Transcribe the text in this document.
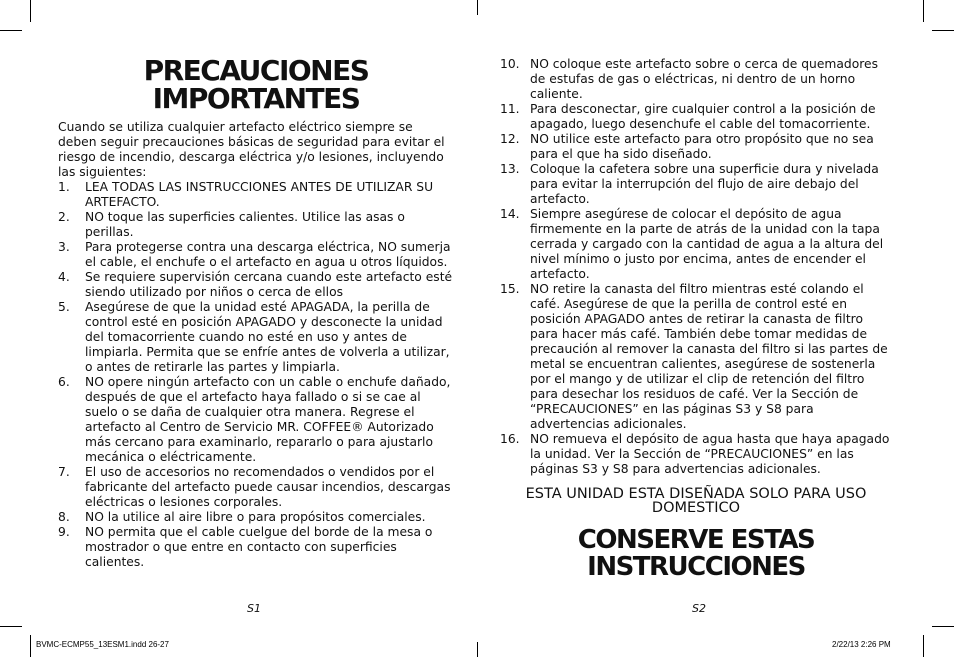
PRECAUCIONES IMPORTANTES

Cuando se utiliza cualquier artefacto eléctrico siempre se deben seguir precauciones básicas de seguridad para evitar el riesgo de incendio, descarga eléctrica y/o lesiones, incluyendo las siguientes:

1. LEA TODAS LAS INSTRUCCIONES ANTES DE UTILIZAR SU ARTEFACTO.
2. NO toque las superficies calientes. Utilice las asas o perillas.
3. Para protegerse contra una descarga eléctrica, NO sumerja el cable, el enchufe o el artefacto en agua u otros líquidos.
4. Se requiere supervisión cercana cuando este artefacto esté siendo utilizado por niños o cerca de ellos
5. Asegúrese de que la unidad esté APAGADA, la perilla de control esté en posición APAGADO y desconecte la unidad del tomacorriente cuando no esté en uso y antes de limpiarla. Permita que se enfríe antes de volverla a utilizar, o antes de retirarle las partes y limpiarla.
6. NO opere ningún artefacto con un cable o enchufe dañado, después de que el artefacto haya fallado o si se cae al suelo o se daña de cualquier otra manera. Regrese el artefacto al Centro de Servicio MR. COFFEE® Autorizado más cercano para examinarlo, repararlo o para ajustarlo mecánica o eléctricamente.
7. El uso de accesorios no recomendados o vendidos por el fabricante del artefacto puede causar incendios, descargas eléctricas o lesiones corporales.
8. NO la utilice al aire libre o para propósitos comerciales.
9. NO permita que el cable cuelgue del borde de la mesa o mostrador o que entre en contacto con superficies calientes.
S1
10. NO coloque este artefacto sobre o cerca de quemadores de estufas de gas o eléctricas, ni dentro de un horno caliente.
11. Para desconectar, gire cualquier control a la posición de apagado, luego desenchufe el cable del tomacorriente.
12. NO utilice este artefacto para otro propósito que no sea para el que ha sido diseñado.
13. Coloque la cafetera sobre una superficie dura y nivelada para evitar la interrupción del flujo de aire debajo del artefacto.
14. Siempre asegúrese de colocar el depósito de agua firmemente en la parte de atrás de la unidad con la tapa cerrada y cargado con la cantidad de agua a la altura del nivel mínimo o justo por encima, antes de encender el artefacto.
15. NO retire la canasta del filtro mientras esté colando el café. Asegúrese de que la perilla de control esté en posición APAGADO antes de retirar la canasta de filtro para hacer más café. También debe tomar medidas de precaución al remover la canasta del filtro si las partes de metal se encuentran calientes, asegúrese de sostenerla por el mango y de utilizar el clip de retención del filtro para desechar los residuos de café. Ver la Sección de “PRECAUCIONES” en las páginas S3 y S8 para advertencias adicionales.
16. NO remueva el depósito de agua hasta que haya apagado la unidad. Ver la Sección de “PRECAUCIONES” en las páginas S3 y S8 para advertencias adicionales.

ESTA UNIDAD ESTA DISEÑADA SOLO PARA USO DOMESTICO

CONSERVE ESTAS INSTRUCCIONES
S2
BVMC-ECMP55_13ESM1.indd 26-27	2/22/13 2:26 PM
